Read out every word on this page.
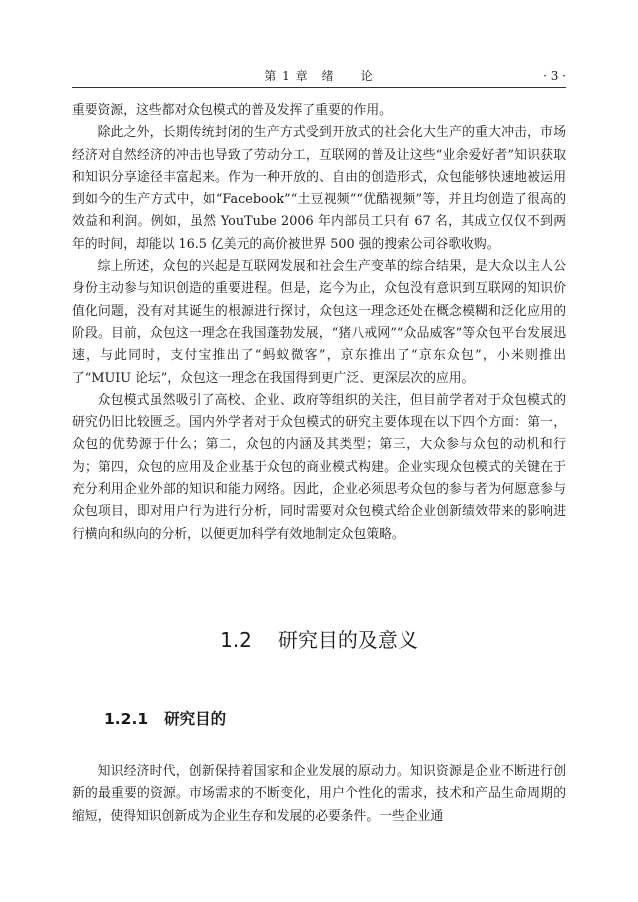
第 1 章　绪　　论	· 3 ·

重要资源，这些都对众包模式的普及发挥了重要的作用。

除此之外，长期传统封闭的生产方式受到开放式的社会化大生产的重大冲击，市场经济对自然经济的冲击也导致了劳动分工，互联网的普及让这些“业余爱好者”知识获取和知识分享途径丰富起来。作为一种开放的、自由的创造形式，众包能够快速地被运用到如今的生产方式中，如“Facebook”“土豆视频”“优酷视频”等，并且均创造了很高的效益和利润。例如，虽然 YouTube 2006 年内部员工只有 67 名，其成立仅仅不到两年的时间，却能以 16.5 亿美元的高价被世界 500 强的搜索公司谷歌收购。

综上所述，众包的兴起是互联网发展和社会生产变革的综合结果，是大众以主人公身份主动参与知识创造的重要进程。但是，迄今为止，众包没有意识到互联网的知识价值化问题，没有对其诞生的根源进行探讨，众包这一理念还处在概念模糊和泛化应用的阶段。目前，众包这一理念在我国蓬勃发展，“猪八戒网”“众品威客”等众包平台发展迅速，与此同时，支付宝推出了“蚂蚁微客”，京东推出了“京东众包”，小米则推出了“MUIU 论坛”，众包这一理念在我国得到更广泛、更深层次的应用。

众包模式虽然吸引了高校、企业、政府等组织的关注，但目前学者对于众包模式的研究仍旧比较匮乏。国内外学者对于众包模式的研究主要体现在以下四个方面：第一，众包的优势源于什么；第二，众包的内涵及其类型；第三，大众参与众包的动机和行为；第四，众包的应用及企业基于众包的商业模式构建。企业实现众包模式的关键在于充分利用企业外部的知识和能力网络。因此，企业必须思考众包的参与者为何愿意参与众包项目，即对用户行为进行分析，同时需要对众包模式给企业创新绩效带来的影响进行横向和纵向的分析，以便更加科学有效地制定众包策略。

1.2 研究目的及意义
1.2.1 研究目的

知识经济时代，创新保持着国家和企业发展的原动力。知识资源是企业不断进行创新的最重要的资源。市场需求的不断变化，用户个性化的需求，技术和产品生命周期的缩短，使得知识创新成为企业生存和发展的必要条件。一些企业通
